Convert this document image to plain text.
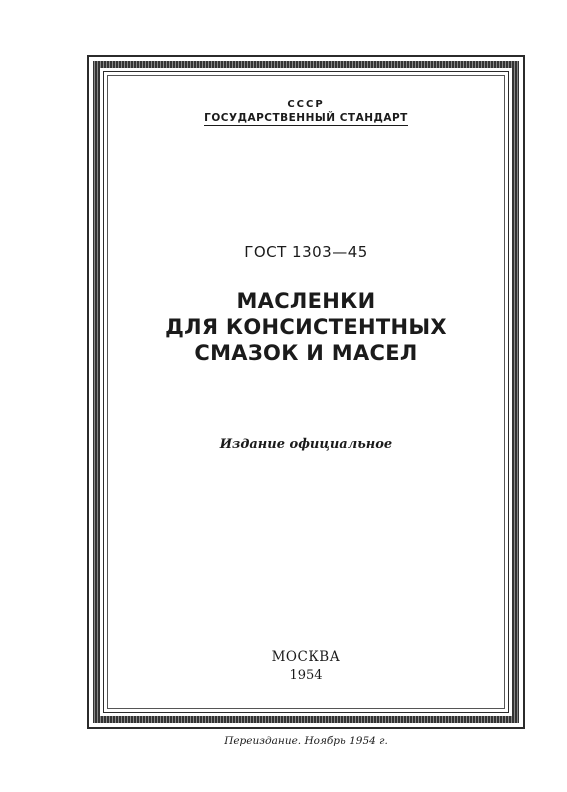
СССР
ГОСУДАРСТВЕННЫЙ СТАНДАРТ
ГОСТ 1303—45
МАСЛЕНКИ
ДЛЯ КОНСИСТЕНТНЫХ
СМАЗОК И МАСЕЛ
Издание официальное
МОСКВА
1954
Переиздание. Ноябрь 1954 г.
